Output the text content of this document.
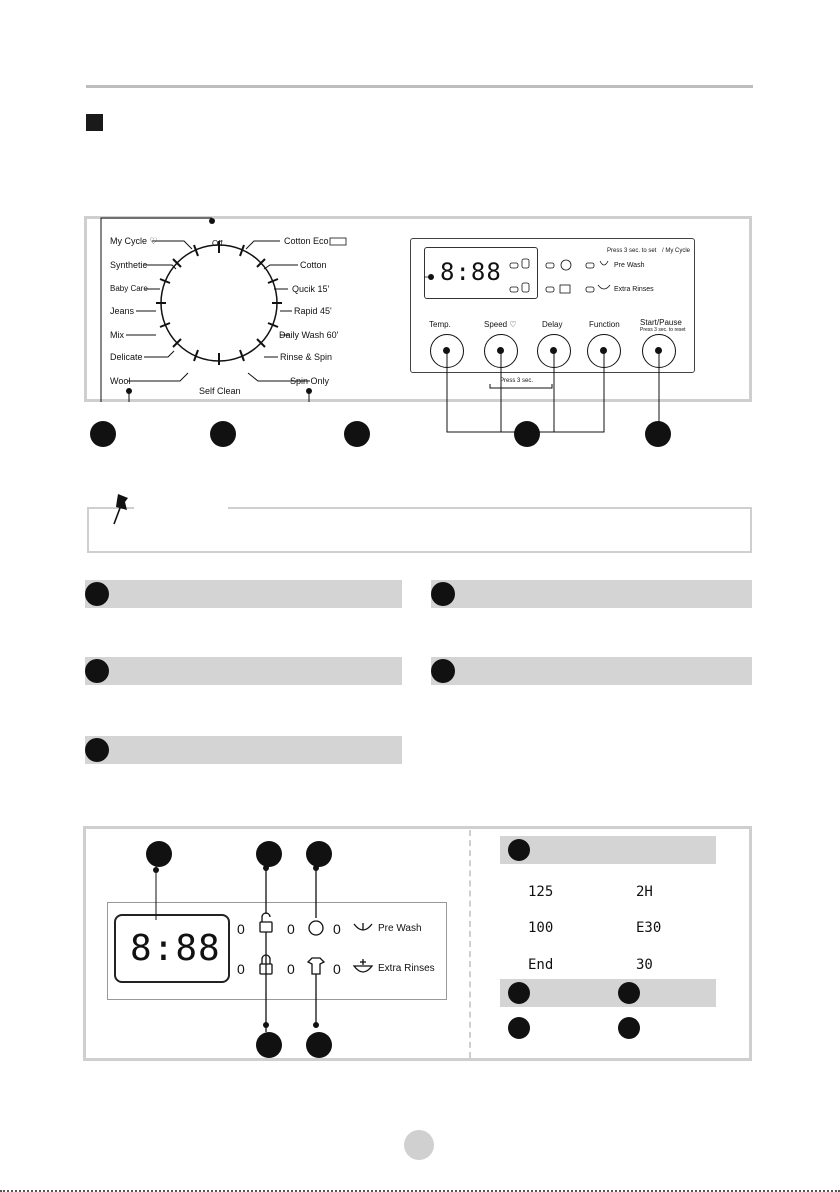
My Cycle ♡
Synthetic
Baby Care
Jeans
Mix
Delicate
Wool
Off
Self Clean
Cotton Eco
Cotton
Qucik 15'
Rapid 45'
Daily Wash 60'
Rinse & Spin
Spin Only
8:88
Press 3 sec. to set / My Cycle
Pre Wash
Extra Rinses
Temp.	Speed ♡	Delay	Function	Start/Pause
Press 3 sec. to reset
Press 3 sec.
8:88 0
0
0
0
0
0
Pre Wash
Extra Rinses
125	2H
100	E30
End	30
